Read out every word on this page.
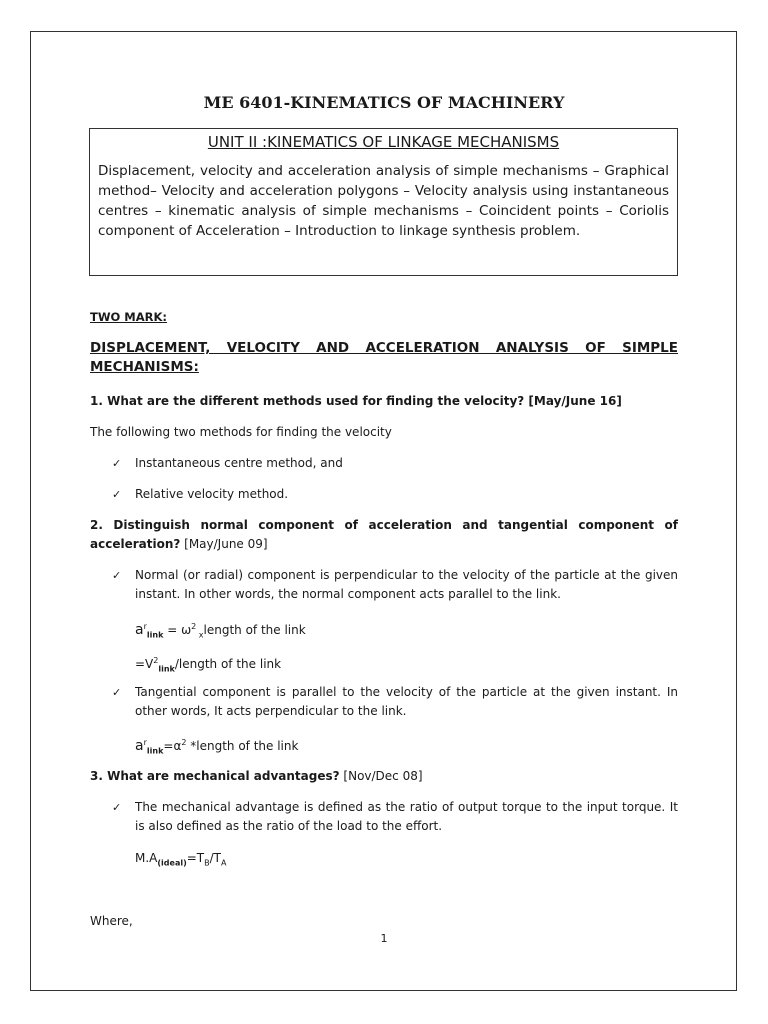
ME 6401-KINEMATICS OF MACHINERY
UNIT II :KINEMATICS OF LINKAGE MECHANISMS
Displacement, velocity and acceleration analysis of simple mechanisms – Graphical method– Velocity and acceleration polygons – Velocity analysis using instantaneous centres – kinematic analysis of simple mechanisms – Coincident points – Coriolis component of Acceleration – Introduction to linkage synthesis problem.
TWO MARK:
DISPLACEMENT, VELOCITY AND ACCELERATION ANALYSIS OF SIMPLE MECHANISMS:
1. What are the different methods used for finding the velocity? [May/June 16]
The following two methods for finding the velocity
✓ Instantaneous centre method, and
✓ Relative velocity method.
2. Distinguish normal component of acceleration and tangential component of acceleration? [May/June 09]
✓ Normal (or radial) component is perpendicular to the velocity of the particle at the given instant. In other words, the normal component acts parallel to the link.
$a^r_{link} = \omega^2$ $_x$length of the link
$=V^2_{link}$/length of the link
✓ Tangential component is parallel to the velocity of the particle at the given instant. In other words, It acts perpendicular to the link.
$a^r_{link}=\alpha^2$ *length of the link
3. What are mechanical advantages? [Nov/Dec 08]
✓ The mechanical advantage is defined as the ratio of output torque to the input torque. It is also defined as the ratio of the load to the effort.
$M.A_{(ideal)}=T_B/T_A$
Where,
1
